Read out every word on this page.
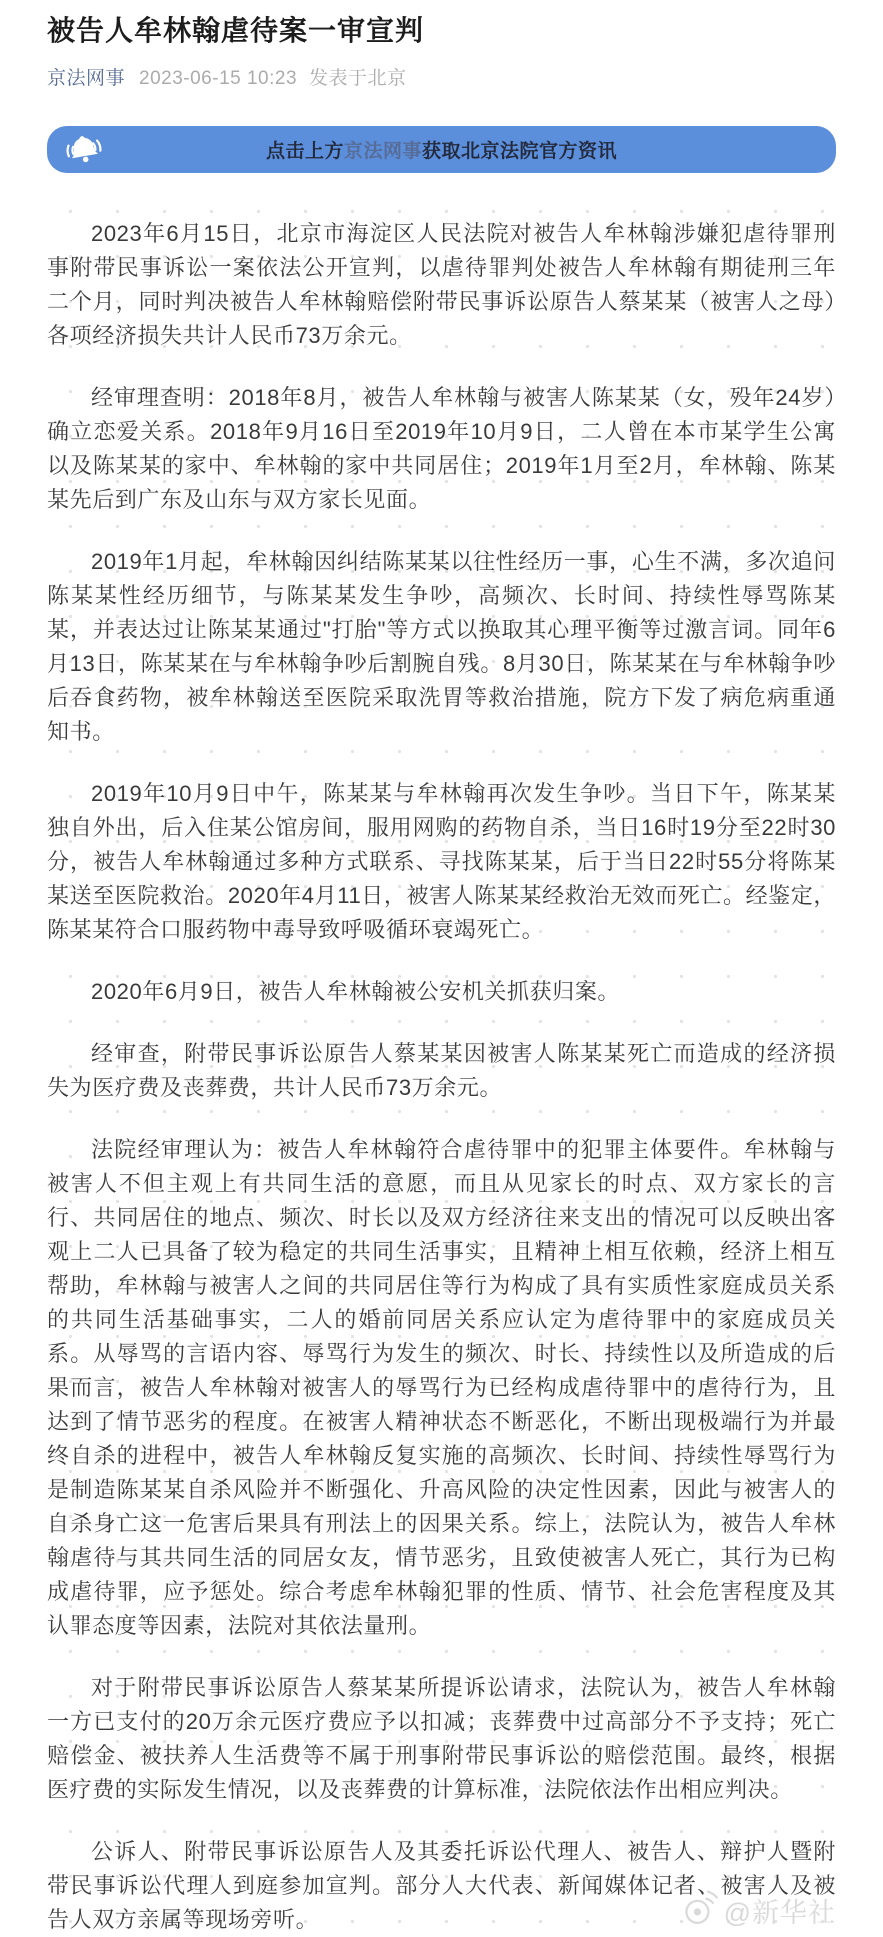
被告人牟林翰虐待案一审宣判
京法网事 2023-06-15 10:23 发表于北京
点击上方京法网事获取北京法院官方资讯

2023年6月15日，北京市海淀区人民法院对被告人牟林翰涉嫌犯虐待罪刑事附带民事诉讼一案依法公开宣判，以虐待罪判处被告人牟林翰有期徒刑三年二个月，同时判决被告人牟林翰赔偿附带民事诉讼原告人蔡某某（被害人之母）各项经济损失共计人民币73万余元。

经审理查明：2018年8月，被告人牟林翰与被害人陈某某（女，殁年24岁）确立恋爱关系。2018年9月16日至2019年10月9日，二人曾在本市某学生公寓以及陈某某的家中、牟林翰的家中共同居住；2019年1月至2月，牟林翰、陈某某先后到广东及山东与双方家长见面。

2019年1月起，牟林翰因纠结陈某某以往性经历一事，心生不满，多次追问陈某某性经历细节，与陈某某发生争吵，高频次、长时间、持续性辱骂陈某某，并表达过让陈某某通过"打胎"等方式以换取其心理平衡等过激言词。同年6月13日，陈某某在与牟林翰争吵后割腕自残。8月30日，陈某某在与牟林翰争吵后吞食药物，被牟林翰送至医院采取洗胃等救治措施，院方下发了病危病重通知书。

2019年10月9日中午，陈某某与牟林翰再次发生争吵。当日下午，陈某某独自外出，后入住某公馆房间，服用网购的药物自杀，当日16时19分至22时30分，被告人牟林翰通过多种方式联系、寻找陈某某，后于当日22时55分将陈某某送至医院救治。2020年4月11日，被害人陈某某经救治无效而死亡。经鉴定，陈某某符合口服药物中毒导致呼吸循环衰竭死亡。

2020年6月9日，被告人牟林翰被公安机关抓获归案。

经审查，附带民事诉讼原告人蔡某某因被害人陈某某死亡而造成的经济损失为医疗费及丧葬费，共计人民币73万余元。

法院经审理认为：被告人牟林翰符合虐待罪中的犯罪主体要件。牟林翰与被害人不但主观上有共同生活的意愿，而且从见家长的时点、双方家长的言行、共同居住的地点、频次、时长以及双方经济往来支出的情况可以反映出客观上二人已具备了较为稳定的共同生活事实，且精神上相互依赖，经济上相互帮助，牟林翰与被害人之间的共同居住等行为构成了具有实质性家庭成员关系的共同生活基础事实，二人的婚前同居关系应认定为虐待罪中的家庭成员关系。从辱骂的言语内容、辱骂行为发生的频次、时长、持续性以及所造成的后果而言，被告人牟林翰对被害人的辱骂行为已经构成虐待罪中的虐待行为，且达到了情节恶劣的程度。在被害人精神状态不断恶化，不断出现极端行为并最终自杀的进程中，被告人牟林翰反复实施的高频次、长时间、持续性辱骂行为是制造陈某某自杀风险并不断强化、升高风险的决定性因素，因此与被害人的自杀身亡这一危害后果具有刑法上的因果关系。综上，法院认为，被告人牟林翰虐待与其共同生活的同居女友，情节恶劣，且致使被害人死亡，其行为已构成虐待罪，应予惩处。综合考虑牟林翰犯罪的性质、情节、社会危害程度及其认罪态度等因素，法院对其依法量刑。

对于附带民事诉讼原告人蔡某某所提诉讼请求，法院认为，被告人牟林翰一方已支付的20万余元医疗费应予以扣减；丧葬费中过高部分不予支持；死亡赔偿金、被扶养人生活费等不属于刑事附带民事诉讼的赔偿范围。最终，根据医疗费的实际发生情况，以及丧葬费的计算标准，法院依法作出相应判决。

公诉人、附带民事诉讼原告人及其委托诉讼代理人、被告人、辩护人暨附带民事诉讼代理人到庭参加宣判。部分人大代表、新闻媒体记者、被害人及被告人双方亲属等现场旁听。	@新华社
